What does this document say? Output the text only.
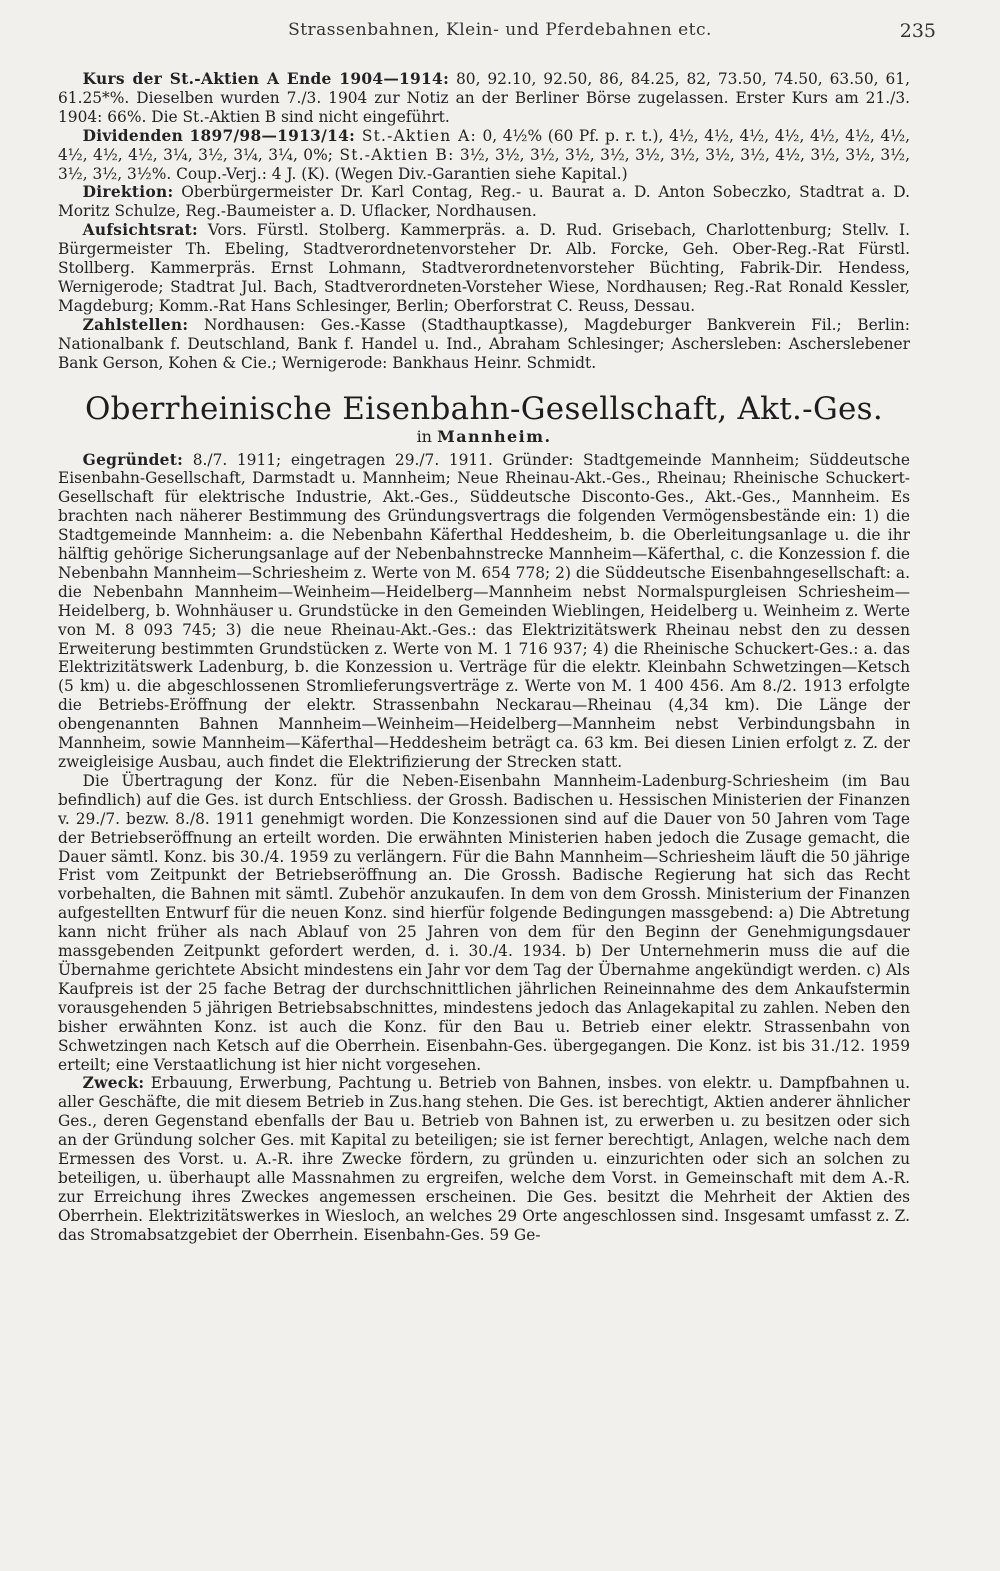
Strassenbahnen, Klein- und Pferdebahnen etc.	235

Kurs der St.-Aktien A Ende 1904—1914: 80, 92.10, 92.50, 86, 84.25, 82, 73.50, 74.50, 63.50, 61, 61.25*%. Dieselben wurden 7./3. 1904 zur Notiz an der Berliner Börse zugelassen. Erster Kurs am 21./3. 1904: 66%. Die St.-Aktien B sind nicht eingeführt.

Dividenden 1897/98—1913/14: St.-Aktien A: 0, 4½% (60 Pf. p. r. t.), 4½, 4½, 4½, 4½, 4½, 4½, 4½, 4½, 4½, 4½, 3¼, 3½, 3¼, 3¼, 0%; St.-Aktien B: 3½, 3½, 3½, 3½, 3½, 3½, 3½, 3½, 3½, 4½, 3½, 3½, 3½, 3½, 3½, 3½%. Coup.-Verj.: 4 J. (K). (Wegen Div.-Garantien siehe Kapital.)

Direktion: Oberbürgermeister Dr. Karl Contag, Reg.- u. Baurat a. D. Anton Sobeczko, Stadtrat a. D. Moritz Schulze, Reg.-Baumeister a. D. Uflacker, Nordhausen.

Aufsichtsrat: Vors. Fürstl. Stolberg. Kammerpräs. a. D. Rud. Grisebach, Charlottenburg; Stellv. I. Bürgermeister Th. Ebeling, Stadtverordnetenvorsteher Dr. Alb. Forcke, Geh. Ober-Reg.-Rat Fürstl. Stollberg. Kammerpräs. Ernst Lohmann, Stadtverordnetenvorsteher Büchting, Fabrik-Dir. Hendess, Wernigerode; Stadtrat Jul. Bach, Stadtverordneten-Vorsteher Wiese, Nordhausen; Reg.-Rat Ronald Kessler, Magdeburg; Komm.-Rat Hans Schlesinger, Berlin; Oberforstrat C. Reuss, Dessau.

Zahlstellen: Nordhausen: Ges.-Kasse (Stadthauptkasse), Magdeburger Bankverein Fil.; Berlin: Nationalbank f. Deutschland, Bank f. Handel u. Ind., Abraham Schlesinger; Aschersleben: Ascherslebener Bank Gerson, Kohen & Cie.; Wernigerode: Bankhaus Heinr. Schmidt.

Oberrheinische Eisenbahn-Gesellschaft, Akt.-Ges.
in Mannheim.

Gegründet: 8./7. 1911; eingetragen 29./7. 1911. Gründer: Stadtgemeinde Mannheim; Süddeutsche Eisenbahn-Gesellschaft, Darmstadt u. Mannheim; Neue Rheinau-Akt.-Ges., Rheinau; Rheinische Schuckert-Gesellschaft für elektrische Industrie, Akt.-Ges., Süddeutsche Disconto-Ges., Akt.-Ges., Mannheim. Es brachten nach näherer Bestimmung des Gründungsvertrags die folgenden Vermögensbestände ein: 1) die Stadtgemeinde Mannheim: a. die Nebenbahn Käferthal Heddesheim, b. die Oberleitungsanlage u. die ihr hälftig gehörige Sicherungsanlage auf der Nebenbahnstrecke Mannheim—Käferthal, c. die Konzession f. die Nebenbahn Mannheim—Schriesheim z. Werte von M. 654 778; 2) die Süddeutsche Eisenbahngesellschaft: a. die Nebenbahn Mannheim—Weinheim—Heidelberg—Mannheim nebst Normalspurgleisen Schriesheim—Heidelberg, b. Wohnhäuser u. Grundstücke in den Gemeinden Wieblingen, Heidelberg u. Weinheim z. Werte von M. 8 093 745; 3) die neue Rheinau-Akt.-Ges.: das Elektrizitätswerk Rheinau nebst den zu dessen Erweiterung bestimmten Grundstücken z. Werte von M. 1 716 937; 4) die Rheinische Schuckert-Ges.: a. das Elektrizitätswerk Ladenburg, b. die Konzession u. Verträge für die elektr. Kleinbahn Schwetzingen—Ketsch (5 km) u. die abgeschlossenen Stromlieferungsverträge z. Werte von M. 1 400 456. Am 8./2. 1913 erfolgte die Betriebs-Eröffnung der elektr. Strassenbahn Neckarau—Rheinau (4,34 km). Die Länge der obengenannten Bahnen Mannheim—Weinheim—Heidelberg—Mannheim nebst Verbindungsbahn in Mannheim, sowie Mannheim—Käferthal—Heddesheim beträgt ca. 63 km. Bei diesen Linien erfolgt z. Z. der zweigleisige Ausbau, auch findet die Elektrifizierung der Strecken statt.

Die Übertragung der Konz. für die Neben-Eisenbahn Mannheim-Ladenburg-Schriesheim (im Bau befindlich) auf die Ges. ist durch Entschliess. der Grossh. Badischen u. Hessischen Ministerien der Finanzen v. 29./7. bezw. 8./8. 1911 genehmigt worden. Die Konzessionen sind auf die Dauer von 50 Jahren vom Tage der Betriebseröffnung an erteilt worden. Die erwähnten Ministerien haben jedoch die Zusage gemacht, die Dauer sämtl. Konz. bis 30./4. 1959 zu verlängern. Für die Bahn Mannheim—Schriesheim läuft die 50 jährige Frist vom Zeitpunkt der Betriebseröffnung an. Die Grossh. Badische Regierung hat sich das Recht vorbehalten, die Bahnen mit sämtl. Zubehör anzukaufen. In dem von dem Grossh. Ministerium der Finanzen aufgestellten Entwurf für die neuen Konz. sind hierfür folgende Bedingungen massgebend: a) Die Abtretung kann nicht früher als nach Ablauf von 25 Jahren von dem für den Beginn der Genehmigungsdauer massgebenden Zeitpunkt gefordert werden, d. i. 30./4. 1934. b) Der Unternehmerin muss die auf die Übernahme gerichtete Absicht mindestens ein Jahr vor dem Tag der Übernahme angekündigt werden. c) Als Kaufpreis ist der 25 fache Betrag der durchschnittlichen jährlichen Reineinnahme des dem Ankaufstermin vorausgehenden 5 jährigen Betriebsabschnittes, mindestens jedoch das Anlagekapital zu zahlen. Neben den bisher erwähnten Konz. ist auch die Konz. für den Bau u. Betrieb einer elektr. Strassenbahn von Schwetzingen nach Ketsch auf die Oberrhein. Eisenbahn-Ges. übergegangen. Die Konz. ist bis 31./12. 1959 erteilt; eine Verstaatlichung ist hier nicht vorgesehen.

Zweck: Erbauung, Erwerbung, Pachtung u. Betrieb von Bahnen, insbes. von elektr. u. Dampfbahnen u. aller Geschäfte, die mit diesem Betrieb in Zus.hang stehen. Die Ges. ist berechtigt, Aktien anderer ähnlicher Ges., deren Gegenstand ebenfalls der Bau u. Betrieb von Bahnen ist, zu erwerben u. zu besitzen oder sich an der Gründung solcher Ges. mit Kapital zu beteiligen; sie ist ferner berechtigt, Anlagen, welche nach dem Ermessen des Vorst. u. A.-R. ihre Zwecke fördern, zu gründen u. einzurichten oder sich an solchen zu beteiligen, u. überhaupt alle Massnahmen zu ergreifen, welche dem Vorst. in Gemeinschaft mit dem A.-R. zur Erreichung ihres Zweckes angemessen erscheinen. Die Ges. besitzt die Mehrheit der Aktien des Oberrhein. Elektrizitätswerkes in Wiesloch, an welches 29 Orte angeschlossen sind. Insgesamt umfasst z. Z. das Stromabsatzgebiet der Oberrhein. Eisenbahn-Ges. 59 Ge-
